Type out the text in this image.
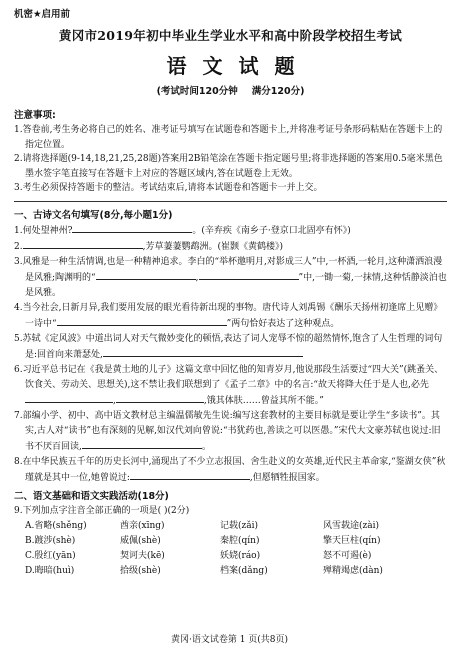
机密★启用前
黄冈市2019年初中毕业生学业水平和高中阶段学校招生考试
语文试题
(考试时间120分钟 满分120分)
注意事项:

1.答卷前,考生务必将自己的姓名、准考证号填写在试题卷和答题卡上,并将准考证号条形码粘贴在答题卡上的指定位置。

2.请将选择题(9-14,18,21,25,28题)答案用2B铅笔涂在答题卡指定题号里;将非选择题的答案用0.5毫米黑色墨水签字笔直接写在答题卡上对应的答题区域内,答在试题卷上无效。

3.考生必须保持答题卡的整洁。考试结束后,请将本试题卷和答题卡一并上交。

一、古诗文名句填写(8分,每小题1分)

1.何处望神州?	。(辛弃疾《南乡子·登京口北固亭有怀》)

2.	,芳草萋萋鹦鹉洲。(崔颢《黄鹤楼》)

3.风雅是一种生活情调,也是一种精神追求。李白的“举杯邀明月,对影成三人”中,一杯酒,一轮月,这种潇洒浪漫是风雅;陶渊明的“	,	”中,一锄一菊,一抹情,这种恬静淡泊也是风雅。

4.当今社会,日新月异,我们要用发展的眼光看待新出现的事物。唐代诗人刘禹锡《酬乐天扬州初逢席上见赠》一诗中“	”两句恰好表达了这种观点。

5.苏轼《定风波》中道出词人对天气微妙变化的顿悟,表达了词人宠辱不惊的超然情怀,饱含了人生哲理的词句是:回首向来萧瑟处,

6.习近平总书记在《我是黄土地的儿子》这篇文章中回忆他的知青岁月,他说那段生活要过“四大关”(跳蚤关、饮食关、劳动关、思想关),这不禁让我们联想到了《孟子二章》中的名言:“故天将降大任于是人也,必先,	,饿其体肤……曾益其所不能。”

7.部编小学、初中、高中语文教材总主编温儒敏先生说:编写这套教材的主要目标就是要让学生“多读书”。其实,古人对“读书”也有深刻的见解,如汉代刘向曾说:“书犹药也,善读之可以医愚。”宋代大文豪苏轼也说过:旧书不厌百回读,	。

8.在中华民族五千年的历史长河中,涌现出了不少立志报国、舍生赴义的女英雄,近代民主革命家,“鉴湖女侠”秋瑾就是其中一位,她曾说过:	,但愿牺牲报国家。

二、语文基础和语文实践活动(18分)

9.下列加点字注音全部正确的一项是( )(2分)

A.省略(shěng)	酋亲(xīng)	记载(zǎi)	风雪载途(zài)
B.踱涉(shè)	威佩(shè)	秦腔(qín)	擎天巨柱(qín)
C.殷红(yān)	契诃夫(kē)	妖娆(ráo)	怒不可遏(è)
D.晦暗(huì)	拾级(shè)	档案(dǎng)	殚精竭虑(dàn)
黄冈·语文试卷第 1 页(共8页)
